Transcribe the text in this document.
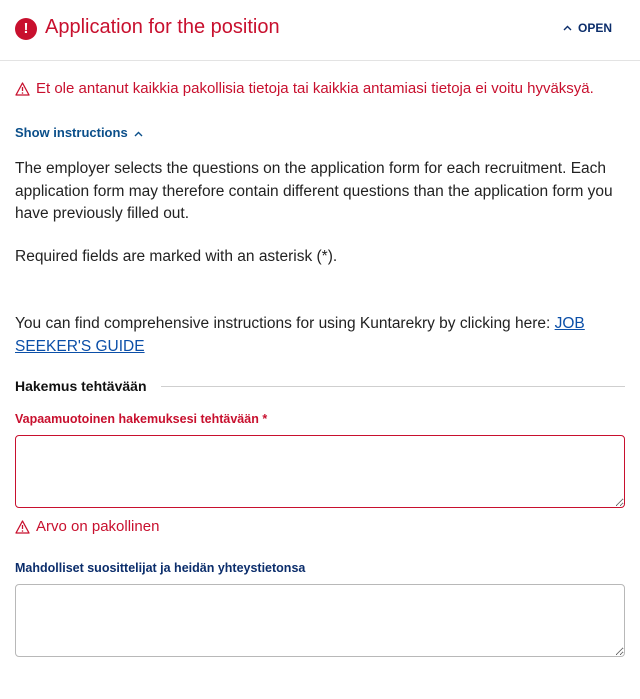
! Application for the position	OPEN
Et ole antanut kaikkia pakollisia tietoja tai kaikkia antamiasi tietoja ei voitu hyväksyä.
Show instructions
The employer selects the questions on the application form for each recruitment. Each application form may therefore contain different questions than the application form you have previously filled out.
Required fields are marked with an asterisk (*).
You can find comprehensive instructions for using Kuntarekry by clicking here: JOB SEEKER'S GUIDE
Hakemus tehtävään
Vapaamuotoinen hakemuksesi tehtävään *
Arvo on pakollinen
Mahdolliset suosittelijat ja heidän yhteystietonsa
